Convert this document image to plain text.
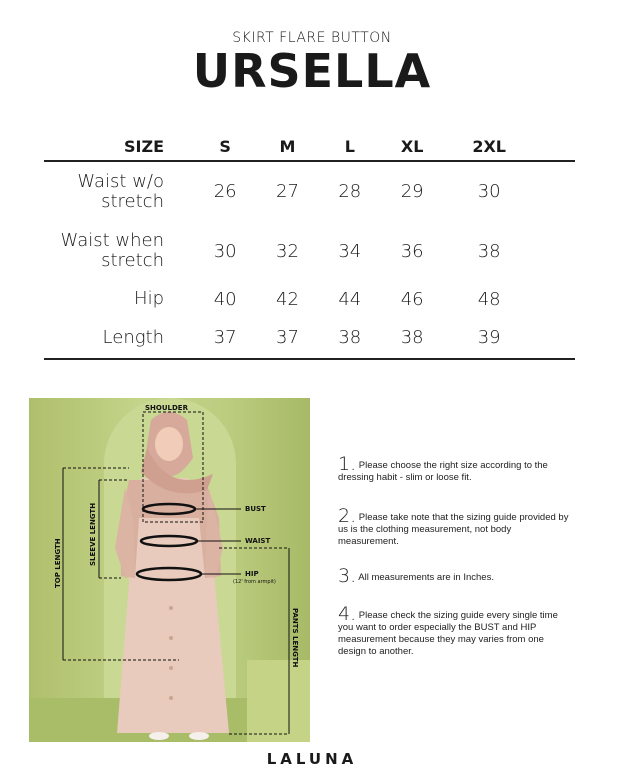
SKIRT FLARE BUTTON
URSELLA
SIZE	S	M	L	XL	2XL	
Waist w/o
stretch	26	27	28	29	30	
Waist when
stretch	30	32	34	36	38	
Hip	40	42	44	46	48	
Length	37	37	38	38	39	
SHOULDER
BUST
WAIST
HIP
(12' from armpit)
TOP LENGTH	SLEEVE LENGTH
PANTS LENGTH
1. Please choose the right size according to the dressing habit - slim or loose fit.
2. Please take note that the sizing guide provided by us is the clothing measurement, not body measurement.
3. All measurements are in Inches.
4. Please check the sizing guide every single time you want to order especially the BUST and HIP measurement because they may varies from one design to another.
LALUNA
